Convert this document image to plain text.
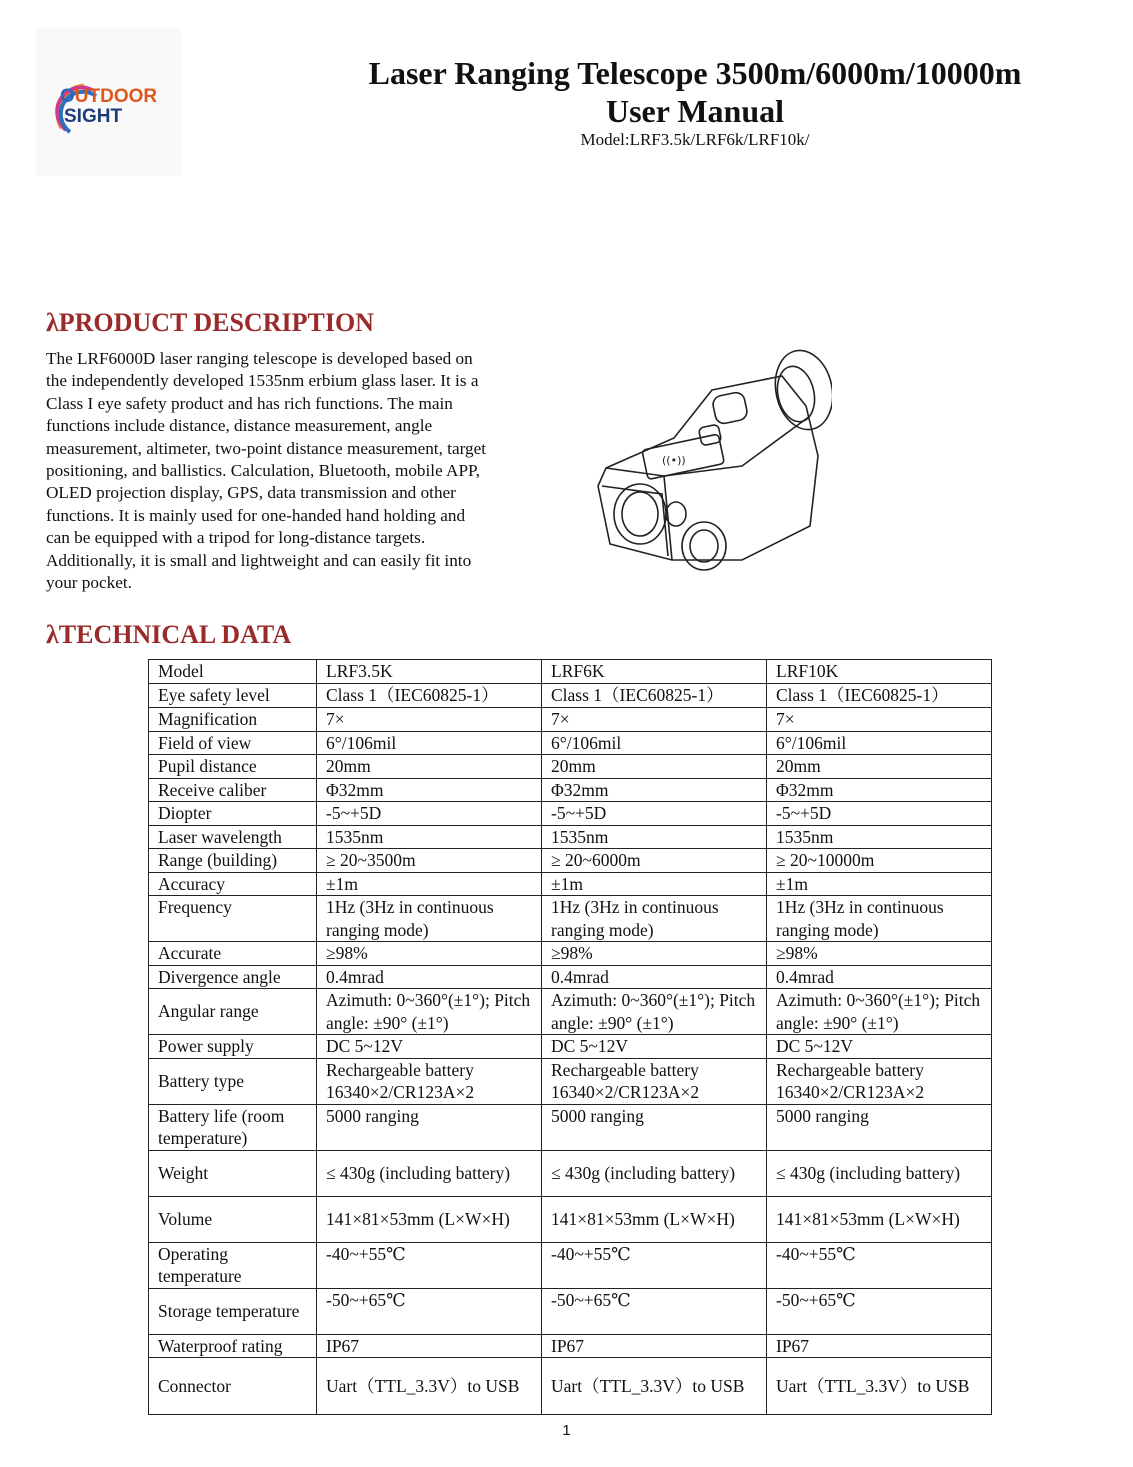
OUTDOOR
SIGHT
Laser Ranging Telescope 3500m/6000m/10000m
User Manual
Model:LRF3.5k/LRF6k/LRF10k/
λPRODUCT DESCRIPTION
The LRF6000D laser ranging telescope is developed based on
the independently developed 1535nm erbium glass laser. It is a
Class I eye safety product and has rich functions. The main
functions include distance, distance measurement, angle
measurement, altimeter, two-point distance measurement, target
positioning, and ballistics. Calculation, Bluetooth, mobile APP,
OLED projection display, GPS, data transmission and other
functions. It is mainly used for one-handed hand holding and
can be equipped with a tripod for long-distance targets.
Additionally, it is small and lightweight and can easily fit into
your pocket.
((•))
λTECHNICAL DATA
Model	LRF3.5K	LRF6K	LRF10K
Eye safety level	Class 1（IEC60825-1）	Class 1（IEC60825-1）	Class 1（IEC60825-1）
Magnification	7×	7×	7×
Field of view	6°/106mil	6°/106mil	6°/106mil
Pupil distance	20mm	20mm	20mm
Receive caliber	Φ32mm	Φ32mm	Φ32mm
Diopter	-5~+5D	-5~+5D	-5~+5D
Laser wavelength	1535nm	1535nm	1535nm
Range (building)	≥ 20~3500m	≥ 20~6000m	≥ 20~10000m
Accuracy	±1m	±1m	±1m
Frequency	1Hz (3Hz in continuous ranging mode)	1Hz (3Hz in continuous ranging mode)	1Hz (3Hz in continuous ranging mode)
Accurate	≥98%	≥98%	≥98%
Divergence angle	0.4mrad	0.4mrad	0.4mrad
Angular range	Azimuth: 0~360°(±1°); Pitch angle: ±90° (±1°)	Azimuth: 0~360°(±1°); Pitch angle: ±90° (±1°)	Azimuth: 0~360°(±1°); Pitch angle: ±90° (±1°)
Power supply	DC 5~12V	DC 5~12V	DC 5~12V
Battery type	Rechargeable battery 16340×2/CR123A×2	Rechargeable battery 16340×2/CR123A×2	Rechargeable battery 16340×2/CR123A×2
Battery life (room temperature)	5000 ranging	5000 ranging	5000 ranging
Weight	≤ 430g (including battery)	≤ 430g (including battery)	≤ 430g (including battery)
Volume	141×81×53mm (L×W×H)	141×81×53mm (L×W×H)	141×81×53mm (L×W×H)
Operating temperature	-40~+55℃	-40~+55℃	-40~+55℃
Storage temperature	-50~+65℃	-50~+65℃	-50~+65℃
Waterproof rating	IP67	IP67	IP67
Connector	Uart（TTL_3.3V）to USB	Uart（TTL_3.3V）to USB	Uart（TTL_3.3V）to USB
1
